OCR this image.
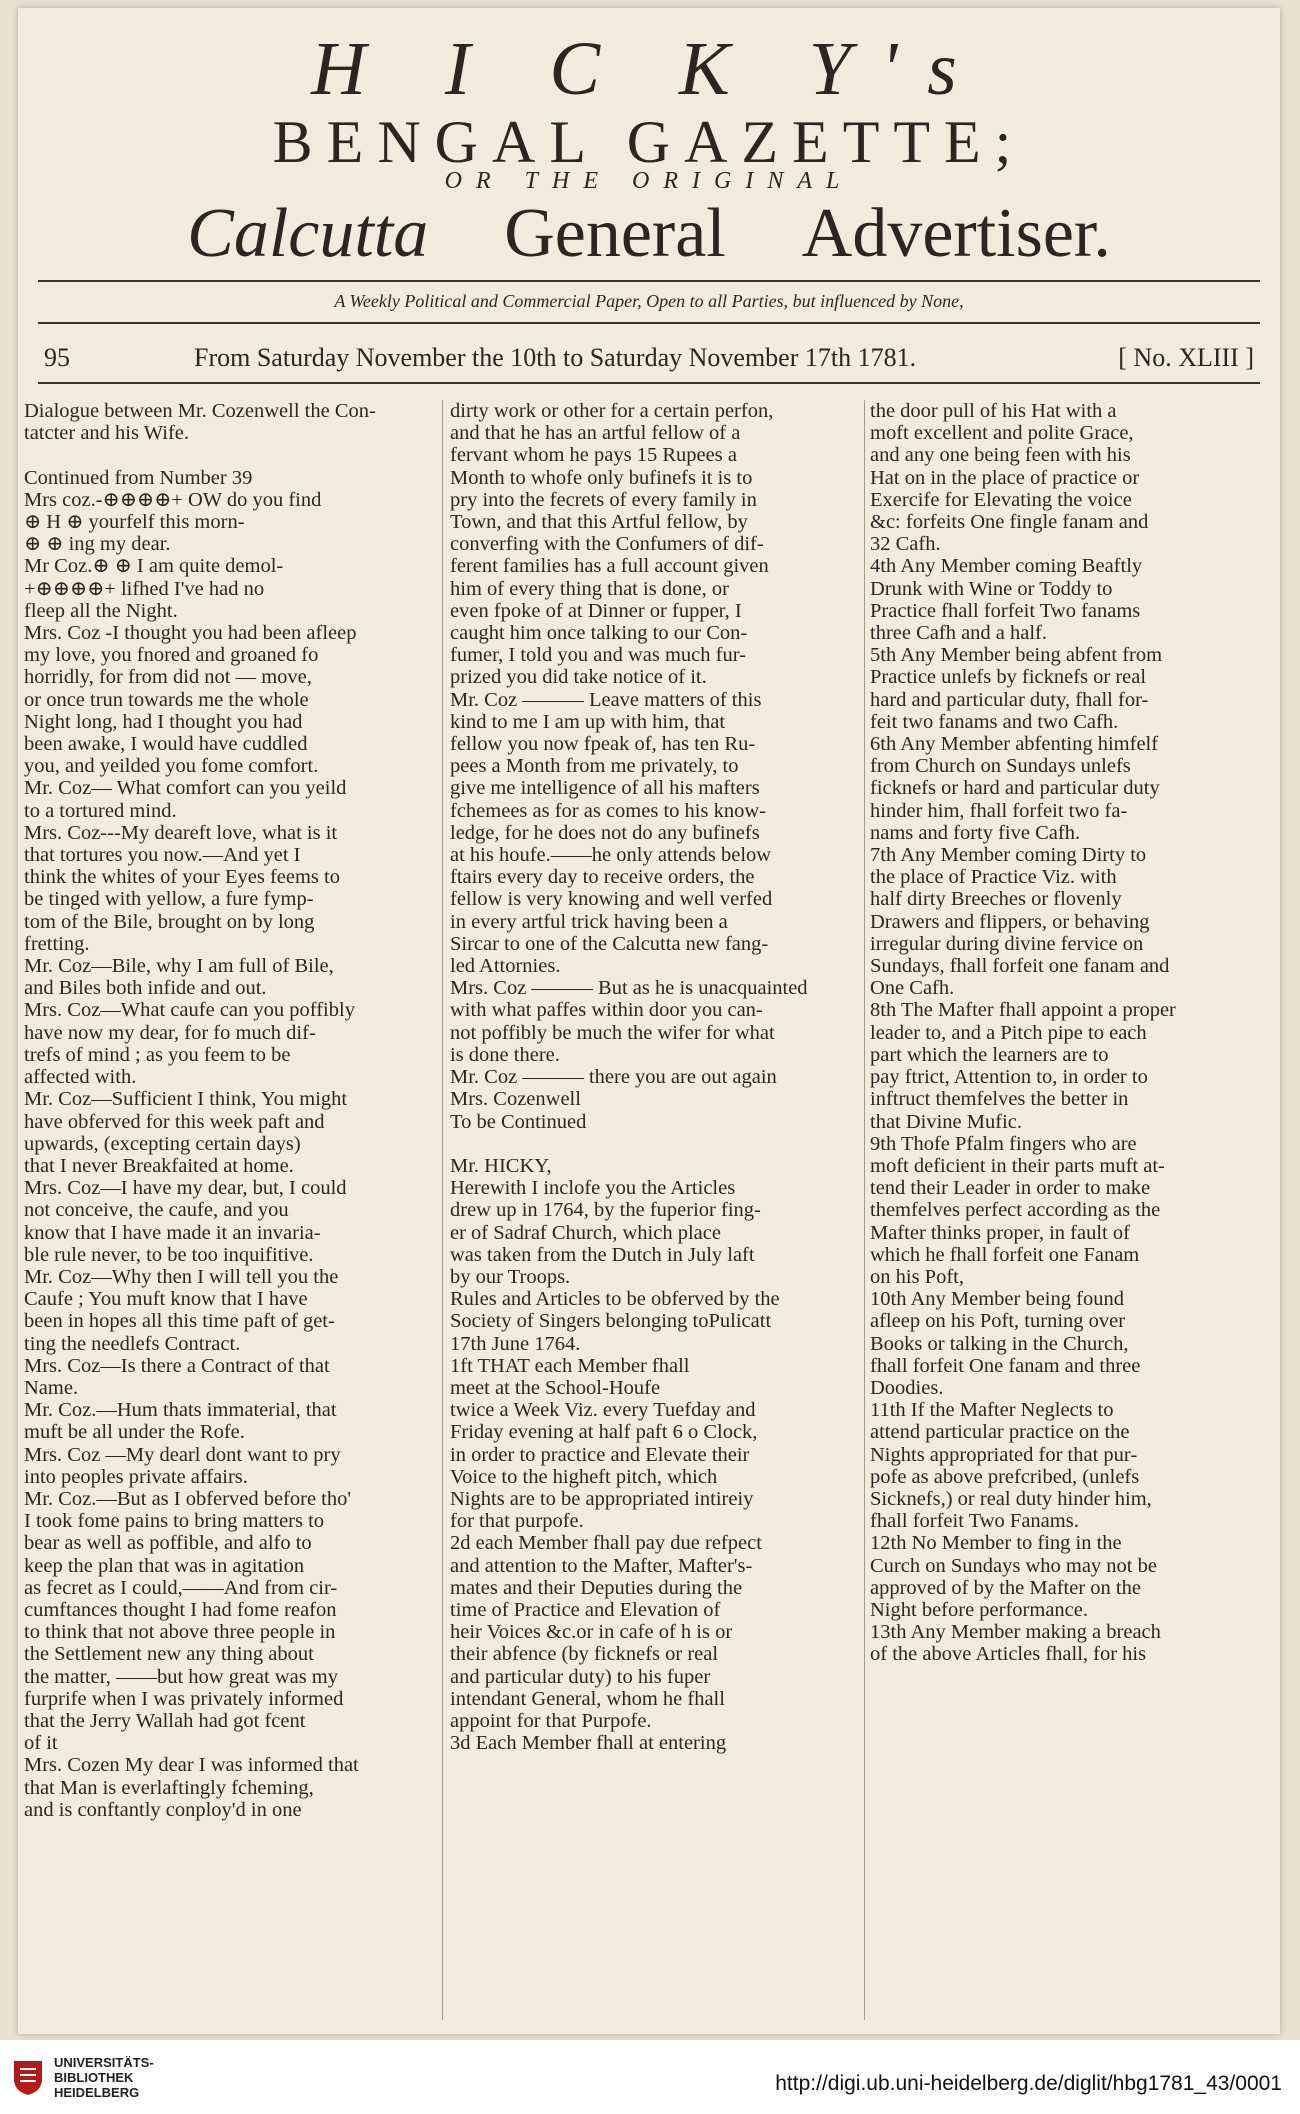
H I C K Y's
BENGAL GAZETTE;
OR THE ORIGINAL
Calcutta General Advertiser.
A Weekly Political and Commercial Paper, Open to all Parties, but influenced by None,
95	From Saturday November the 10th to Saturday November 17th 1781.	[ No. XLIII ]

Dialogue between Mr. Cozenwell the Con-

tatcter and his Wife.

Continued from Number 39

Mrs coz.-⊕⊕⊕⊕+ OW do you find

⊕ H ⊕ yourfelf this morn-

⊕ ⊕ ing my dear.

Mr Coz.⊕ ⊕ I am quite demol-

+⊕⊕⊕⊕+ lifhed I've had no

fleep all the Night.

Mrs. Coz -I thought you had been afleep

my love, you fnored and groaned fo

horridly, for from did not — move,

or once trun towards me the whole

Night long, had I thought you had

been awake, I would have cuddled

you, and yeilded you fome comfort.

Mr. Coz— What comfort can you yeild

to a tortured mind.

Mrs. Coz---My deareft love, what is it

that tortures you now.—And yet I

think the whites of your Eyes feems to

be tinged with yellow, a fure fymp-

tom of the Bile, brought on by long

fretting.

Mr. Coz—Bile, why I am full of Bile,

and Biles both infide and out.

Mrs. Coz—What caufe can you poffibly

have now my dear, for fo much dif-

trefs of mind ; as you feem to be

affected with.

Mr. Coz—Sufficient I think, You might

have obferved for this week paft and

upwards, (excepting certain days)

that I never Breakfaited at home.

Mrs. Coz—I have my dear, but, I could

not conceive, the caufe, and you

know that I have made it an invaria-

ble rule never, to be too inquifitive.

Mr. Coz—Why then I will tell you the

Caufe ; You muft know that I have

been in hopes all this time paft of get-

ting the needlefs Contract.

Mrs. Coz—Is there a Contract of that

Name.

Mr. Coz.—Hum thats immaterial, that

muft be all under the Rofe.

Mrs. Coz —My dearl dont want to pry

into peoples private affairs.

Mr. Coz.—But as I obferved before tho'

I took fome pains to bring matters to

bear as well as poffible, and alfo to

keep the plan that was in agitation

as fecret as I could,——And from cir-

cumftances thought I had fome reafon

to think that not above three people in

the Settlement new any thing about

the matter, ——but how great was my

furprife when I was privately informed

that the Jerry Wallah had got fcent

of it

Mrs. Cozen My dear I was informed that

that Man is everlaftingly fcheming,

and is conftantly conploy'd in one

dirty work or other for a certain perfon,

and that he has an artful fellow of a

fervant whom he pays 15 Rupees a

Month to whofe only bufinefs it is to

pry into the fecrets of every family in

Town, and that this Artful fellow, by

converfing with the Confumers of dif-

ferent families has a full account given

him of every thing that is done, or

even fpoke of at Dinner or fupper, I

caught him once talking to our Con-

fumer, I told you and was much fur-

prized you did take notice of it.

Mr. Coz ——— Leave matters of this

kind to me I am up with him, that

fellow you now fpeak of, has ten Ru-

pees a Month from me privately, to

give me intelligence of all his mafters

fchemees as for as comes to his know-

ledge, for he does not do any bufinefs

at his houfe.——he only attends below

ftairs every day to receive orders, the

fellow is very knowing and well verfed

in every artful trick having been a

Sircar to one of the Calcutta new fang-

led Attornies.

Mrs. Coz ——— But as he is unacquainted

with what paffes within door you can-

not poffibly be much the wifer for what

is done there.

Mr. Coz ——— there you are out again

Mrs. Cozenwell

To be Continued

Mr. HICKY,

Herewith I inclofe you the Articles

drew up in 1764, by the fuperior fing-

er of Sadraf Church, which place

was taken from the Dutch in July laft

by our Troops.

Rules and Articles to be obferved by the

Society of Singers belonging toPulicatt

17th June 1764.

1ft THAT each Member fhall

meet at the School-Houfe

twice a Week Viz. every Tuefday and

Friday evening at half paft 6 o Clock,

in order to practice and Elevate their

Voice to the higheft pitch, which

Nights are to be appropriated intireiy

for that purpofe.

2d each Member fhall pay due refpect

and attention to the Mafter, Mafter's-

mates and their Deputies during the

time of Practice and Elevation of

heir Voices &c.or in cafe of h is or

their abfence (by ficknefs or real

and particular duty) to his fuper

intendant General, whom he fhall

appoint for that Purpofe.

3d Each Member fhall at entering

the door pull of his Hat with a

moft excellent and polite Grace,

and any one being feen with his

Hat on in the place of practice or

Exercife for Elevating the voice

&c: forfeits One fingle fanam and

32 Cafh.

4th Any Member coming Beaftly

Drunk with Wine or Toddy to

Practice fhall forfeit Two fanams

three Cafh and a half.

5th Any Member being abfent from

Practice unlefs by ficknefs or real

hard and particular duty, fhall for-

feit two fanams and two Cafh.

6th Any Member abfenting himfelf

from Church on Sundays unlefs

ficknefs or hard and particular duty

hinder him, fhall forfeit two fa-

nams and forty five Cafh.

7th Any Member coming Dirty to

the place of Practice Viz. with

half dirty Breeches or flovenly

Drawers and flippers, or behaving

irregular during divine fervice on

Sundays, fhall forfeit one fanam and

One Cafh.

8th The Mafter fhall appoint a proper

leader to, and a Pitch pipe to each

part which the learners are to

pay ftrict, Attention to, in order to

inftruct themfelves the better in

that Divine Mufic.

9th Thofe Pfalm fingers who are

moft deficient in their parts muft at-

tend their Leader in order to make

themfelves perfect according as the

Mafter thinks proper, in fault of

which he fhall forfeit one Fanam

on his Poft,

10th Any Member being found

afleep on his Poft, turning over

Books or talking in the Church,

fhall forfeit One fanam and three

Doodies.

11th If the Mafter Neglects to

attend particular practice on the

Nights appropriated for that pur-

pofe as above prefcribed, (unlefs

Sicknefs,) or real duty hinder him,

fhall forfeit Two Fanams.

12th No Member to fing in the

Curch on Sundays who may not be

approved of by the Mafter on the

Night before performance.

13th Any Member making a breach

of the above Articles fhall, for his

UNIVERSITÄTS-
BIBLIOTHEK
HEIDELBERG	http://digi.ub.uni-heidelberg.de/diglit/hbg1781_43/0001
